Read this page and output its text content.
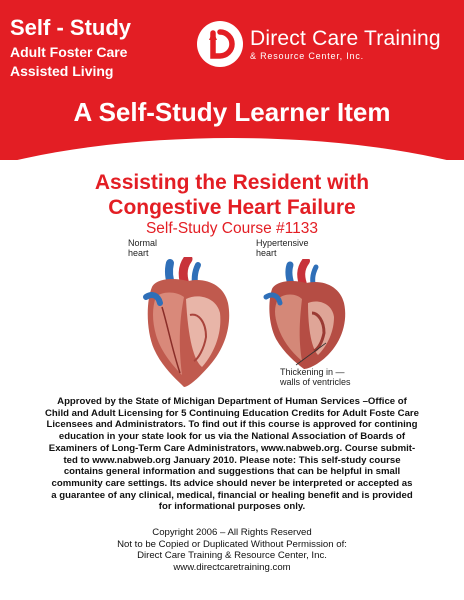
Self - Study
Adult Foster Care
Assisted Living
Direct Care Training
& Resource Center, Inc.
A Self-Study Learner Item
Assisting the Resident with
Congestive Heart Failure
Self-Study Course #1133
Normal
heart
Hypertensive
heart
Thickening in —
walls of ventricles
Approved by the State of Michigan Department of Human Services –Office of
Child and Adult Licensing for 5 Continuing Education Credits for Adult Foste Care
Licensees and Administrators. To find out if this course is approved for contining
education in your state look for us via the National Association of Boards of
Examiners of Long-Term Care Administrators, www.nabweb.org. Course submit-
ted to www.nabweb.org January 2010. Please note: This self-study course
contains general information and suggestions that can be helpful in small
community care settings. Its advice should never be interpreted or accepted as
a guarantee of any clinical, medical, financial or healing benefit and is provided
for informational purposes only.
Copyright 2006 – All Rights Reserved
Not to be Copied or Duplicated Without Permission of:
Direct Care Training & Resource Center, Inc.
www.directcaretraining.com
